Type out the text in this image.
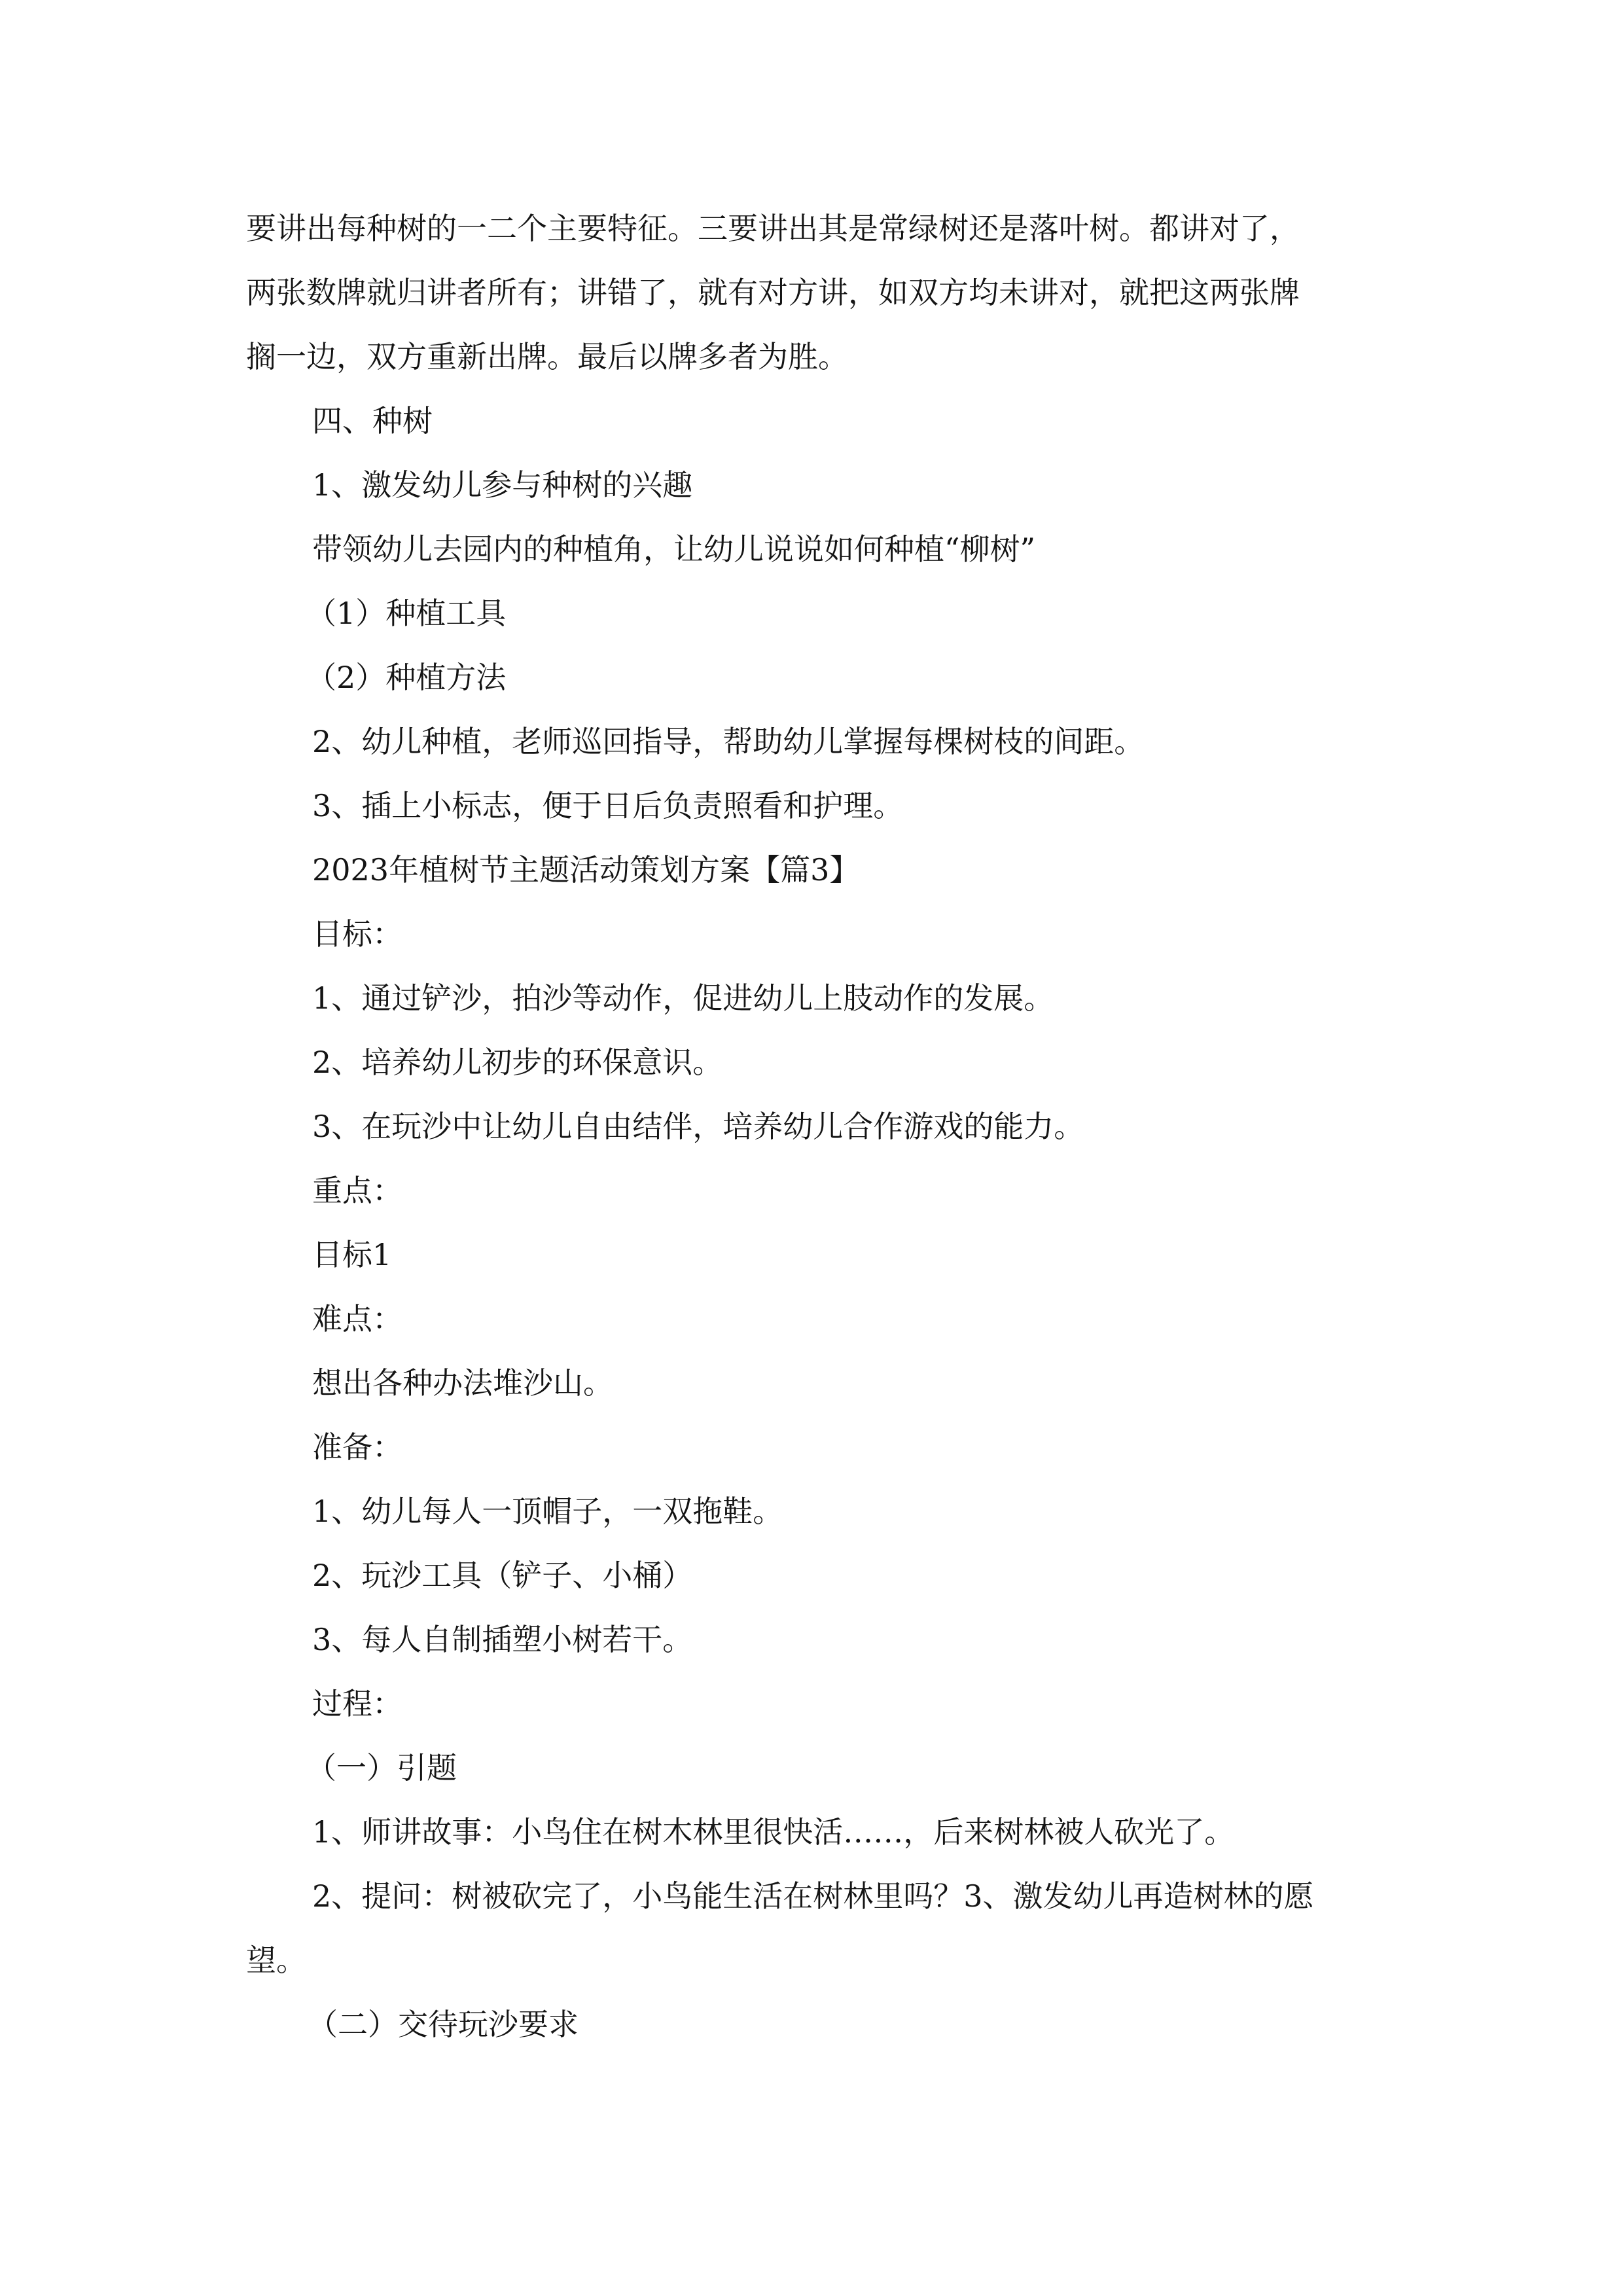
要讲出每种树的一二个主要特征。三要讲出其是常绿树还是落叶树。都讲对了，
两张数牌就归讲者所有；讲错了，就有对方讲，如双方均未讲对，就把这两张牌
搁一边，双方重新出牌。最后以牌多者为胜。
四、种树
1、激发幼儿参与种树的兴趣
带领幼儿去园内的种植角，让幼儿说说如何种植“柳树”
（1）种植工具
（2）种植方法
2、幼儿种植，老师巡回指导，帮助幼儿掌握每棵树枝的间距。
3、插上小标志，便于日后负责照看和护理。
2023年植树节主题活动策划方案【篇3】
目标：
1、通过铲沙，拍沙等动作，促进幼儿上肢动作的发展。
2、培养幼儿初步的环保意识。
3、在玩沙中让幼儿自由结伴，培养幼儿合作游戏的能力。
重点：
目标1
难点：
想出各种办法堆沙山。
准备：
1、幼儿每人一顶帽子，一双拖鞋。
2、玩沙工具（铲子、小桶）
3、每人自制插塑小树若干。
过程：
（一）引题
1、师讲故事：小鸟住在树木林里很快活……，后来树林被人砍光了。
2、提问：树被砍完了，小鸟能生活在树林里吗？3、激发幼儿再造树林的愿
望。
（二）交待玩沙要求
